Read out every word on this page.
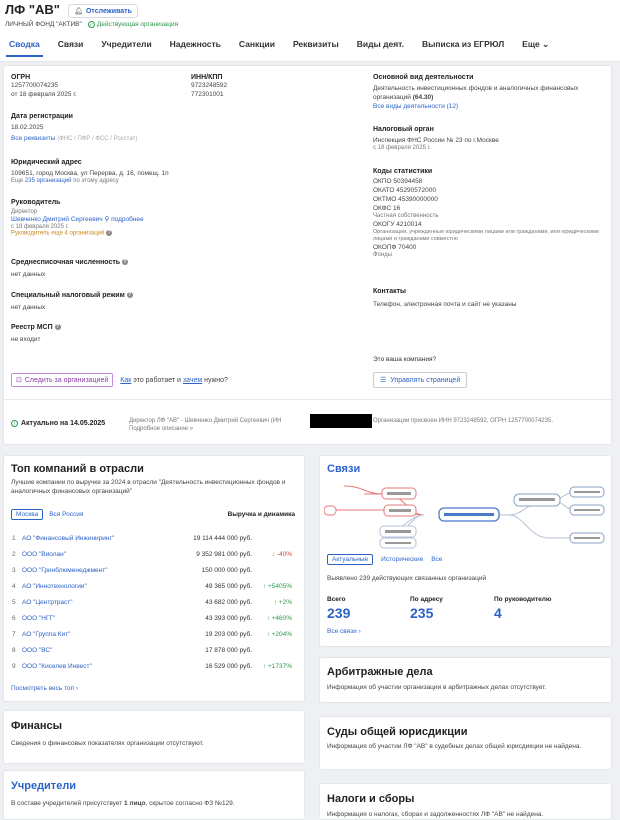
ЛФ "АВ" 🔔︎ Отслеживать
ЛИЧНЫЙ ФОНД "АКТИВ" ✓ Действующая организация
Сводка	Связи	Учредители	Надежность	Санкции	Реквизиты	Виды деят.	Выписка из ЕГРЮЛ	Еще ⌄
ОГРН
1257700074235
от 18 февраля 2025 г.
ИНН/КПП
9723248592
772301001
Дата регистрации
18.02.2025
Все реквизиты (ФНС / ПФР / ФСС / Росстат)
Юридический адрес
109651, город Москва, ул Перерва, д. 16, помещ. 1п
Еще 235 организаций по этому адресу
Руководитель
Директор
Шевченко Дмитрий Сергеевич ⚲ подробнее
с 18 февраля 2025 г.
Руководитель еще 4 организаций ?
Среднесписочная численность ?
нет данных
Специальный налоговый режим ?
нет данных
Реестр МСП ?
не входит
Основной вид деятельности
Деятельность инвестиционных фондов и аналогичных финансовых организаций (64.30)
Все виды деятельности (12)
Налоговый орган
Инспекция ФНС России № 23 по г.Москве
с 18 февраля 2025 г.
Коды статистики
ОКПО 50394458
ОКАТО 45290572000
ОКТМО 45390000000
ОКФС 16
Частная собственность
ОКОГУ 4210014
Организации, учрежденные юридическими лицами или гражданами, или юридическими лицами и гражданами совместно
ОКОПФ 70400
Фонды
Контакты
Телефон, электронная почта и сайт не указаны
Это ваша компания?
☰ Управлять страницей
⊡ Следить за организацией Как это работает и зачем нужно?
i Актуально на 14.05.2025	Директор ЛФ "АВ" - Шевченко Дмитрий Сергеевич (ИН
Подробное описание »
Организации присвоен ИНН 9723248592, ОГРН 1257700074235.
Топ компаний в отрасли
Лучшие компании по выручке за 2024 в отрасли "Деятельность инвестиционных фондов и аналогичных финансовых организаций"
Москва	Вся Россия	Выручка и динамика
1 АО "Финансовый Инжиниринг"	19 114 444 000 руб.
2 ООО "Виолан"	9 352 981 000 руб.	↓ -40%
3 ООО "Гринблюменеджмент"	150 000 000 руб.
4 АО "Иннотехнологии"	49 365 000 руб.	↑ +5405%
5 АО "Центртраст"	43 682 000 руб.	↑ +2%
6 ООО "НГГ"	43 393 000 руб.	↑ +460%
7 АО "Группа Кит"	19 203 000 руб.	↑ +204%
8 ООО "ВС"	17 878 000 руб.
9 ООО "Киселев Инвест"	16 529 000 руб.	↑ +1737%
Посмотреть весь топ ›
Финансы
Сведения о финансовых показателях организации отсутствуют.
Учредители
В составе учредителей присутствует 1 лицо, скрытое согласно ФЗ №129.
Связи
Актуальные	Исторические Все
Выявлено 239 действующих связанных организаций
Всего
239
По адресу
235
По руководителю
4
Все связи ›
Арбитражные дела
Информация об участии организации в арбитражных делах отсутствует.
Суды общей юрисдикции
Информация об участии ЛФ "АВ" в судебных делах общей юрисдикции не найдена.
Налоги и сборы
Информация о налогах, сборах и задолженностях ЛФ "АВ" не найдена.
